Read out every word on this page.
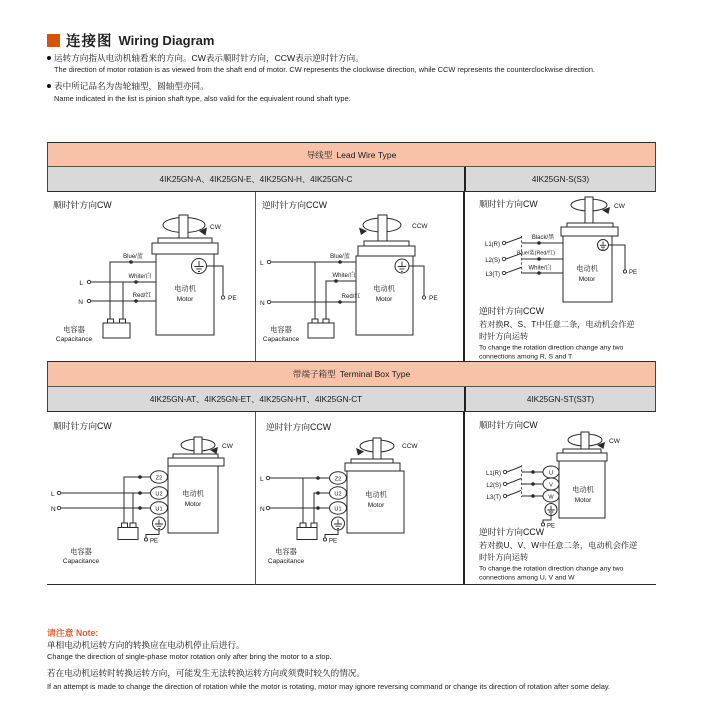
连接图 Wiring Diagram
运转方向指从电动机轴看来的方向。CW表示顺时针方向，CCW表示逆时针方向。
The direction of motor rotation is as viewed from the shaft end of motor. CW represents the clockwise direction, while CCW represents the counterclockwise direction.
表中所记品名为齿轮轴型，圆轴型亦同。
Name indicated in the list is pinion shaft type, also valid for the equivalent round shaft type.
导线型 Lead Wire Type
4IK25GN-A、4IK25GN-E、4IK25GN-H、4IK25GN-C	4IK25GN-S(S3)
顺时针方向CW
CW
电动机
Motor	PE
Blue/蓝
White/白
Red/红
L
N
电容器
Capacitance
逆时针方向CCW
CCW
电动机
Motor	PE
Blue/蓝
White/白
Red/红
L
N
电容器
Capacitance
顺时针方向CW	CW
电动机
Motor
PE
L1(R)
L2(S)
L3(T)
Black/黑
Blue/蓝(Red/红)
White/白
逆时针方向CCW
若对换R、S、T中任意二条，电动机会作逆
时针方向运转
To change the rotation direction change any two
connections among R, S and T
带端子箱型 Terminal Box Type
4IK25GN-AT、4IK25GN-ET、4IK25GN-HT、4IK25GN-CT	4IK25GN-ST(S3T)
顺时针方向CW
CW
电动机
Motor
Z2
U2
U1
PE
L
N
电容器
Capacitance
逆时针方向CCW
CCW
电动机
Motor
Z2
U2
U1
PE
L
N
电容器
Capacitance
顺时针方向CW
CW
电动机
Motor
U
V
W
PE
L1(R)
L2(S)
L3(T)
逆时针方向CCW
若对换U、V、W中任意二条，电动机会作逆
时针方向运转
To change the rotation direction change any two
connections among U, V and W
请注意 Note:
单相电动机运转方向的转换应在电动机停止后进行。
Change the direction of single-phase motor rotation only after bring the motor to a stop.
若在电动机运转时转换运转方向，可能发生无法转换运转方向或须费时较久的情况。
If an attempt is made to change the direction of rotation while the motor is rotating, motor may ignore reversing command or change its direction of rotation after some delay.
